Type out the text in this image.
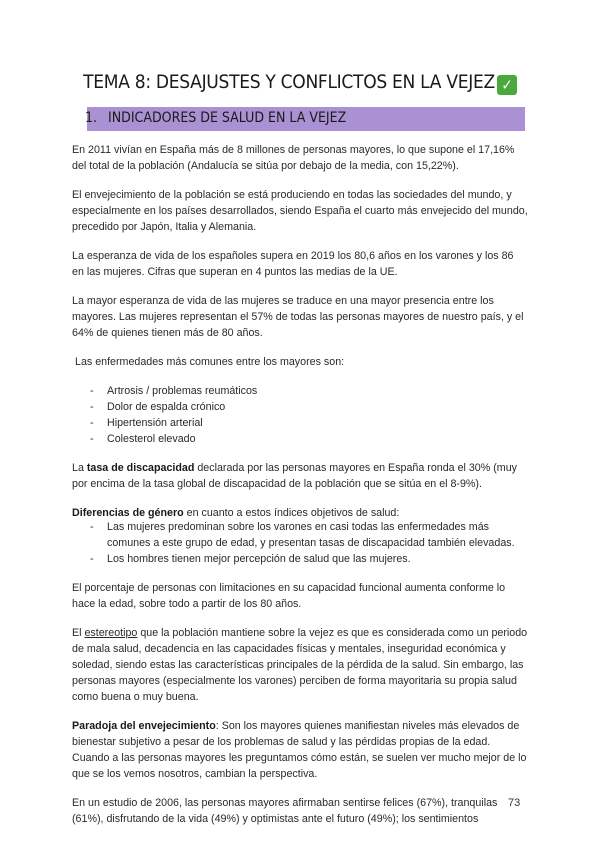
TEMA 8: DESAJUSTES Y CONFLICTOS EN LA VEJEZ ✓
1. INDICADORES DE SALUD EN LA VEJEZ

En 2011 vivían en España más de 8 millones de personas mayores, lo que supone el 17,16% del total de la población (Andalucía se sitúa por debajo de la media, con 15,22%).

El envejecimiento de la población se está produciendo en todas las sociedades del mundo, y especialmente en los países desarrollados, siendo España el cuarto más envejecido del mundo, precedido por Japón, Italia y Alemania.

La esperanza de vida de los españoles supera en 2019 los 80,6 años en los varones y los 86 en las mujeres. Cifras que superan en 4 puntos las medias de la UE.

La mayor esperanza de vida de las mujeres se traduce en una mayor presencia entre los mayores. Las mujeres representan el 57% de todas las personas mayores de nuestro país, y el 64% de quienes tienen más de 80 años.

Las enfermedades más comunes entre los mayores son:

- Artrosis / problemas reumáticos
- Dolor de espalda crónico
- Hipertensión arterial
- Colesterol elevado

La tasa de discapacidad declarada por las personas mayores en España ronda el 30% (muy por encima de la tasa global de discapacidad de la población que se sitúa en el 8-9%).

Diferencias de género en cuanto a estos índices objetivos de salud:

- Las mujeres predominan sobre los varones en casi todas las enfermedades más comunes a este grupo de edad, y presentan tasas de discapacidad también elevadas.
- Los hombres tienen mejor percepción de salud que las mujeres.

El porcentaje de personas con limitaciones en su capacidad funcional aumenta conforme lo hace la edad, sobre todo a partir de los 80 años.

El estereotipo que la población mantiene sobre la vejez es que es considerada como un periodo de mala salud, decadencia en las capacidades físicas y mentales, inseguridad económica y soledad, siendo estas las características principales de la pérdida de la salud. Sin embargo, las personas mayores (especialmente los varones) perciben de forma mayoritaria su propia salud como buena o muy buena.

Paradoja del envejecimiento: Son los mayores quienes manifiestan niveles más elevados de bienestar subjetivo a pesar de los problemas de salud y las pérdidas propias de la edad. Cuando a las personas mayores les preguntamos cómo están, se suelen ver mucho mejor de lo que se los vemos nosotros, cambian la perspectiva.

En un estudio de 2006, las personas mayores afirmaban sentirse felices (67%), tranquilas (61%), disfrutando de la vida (49%) y optimistas ante el futuro (49%); los sentimientos

73
